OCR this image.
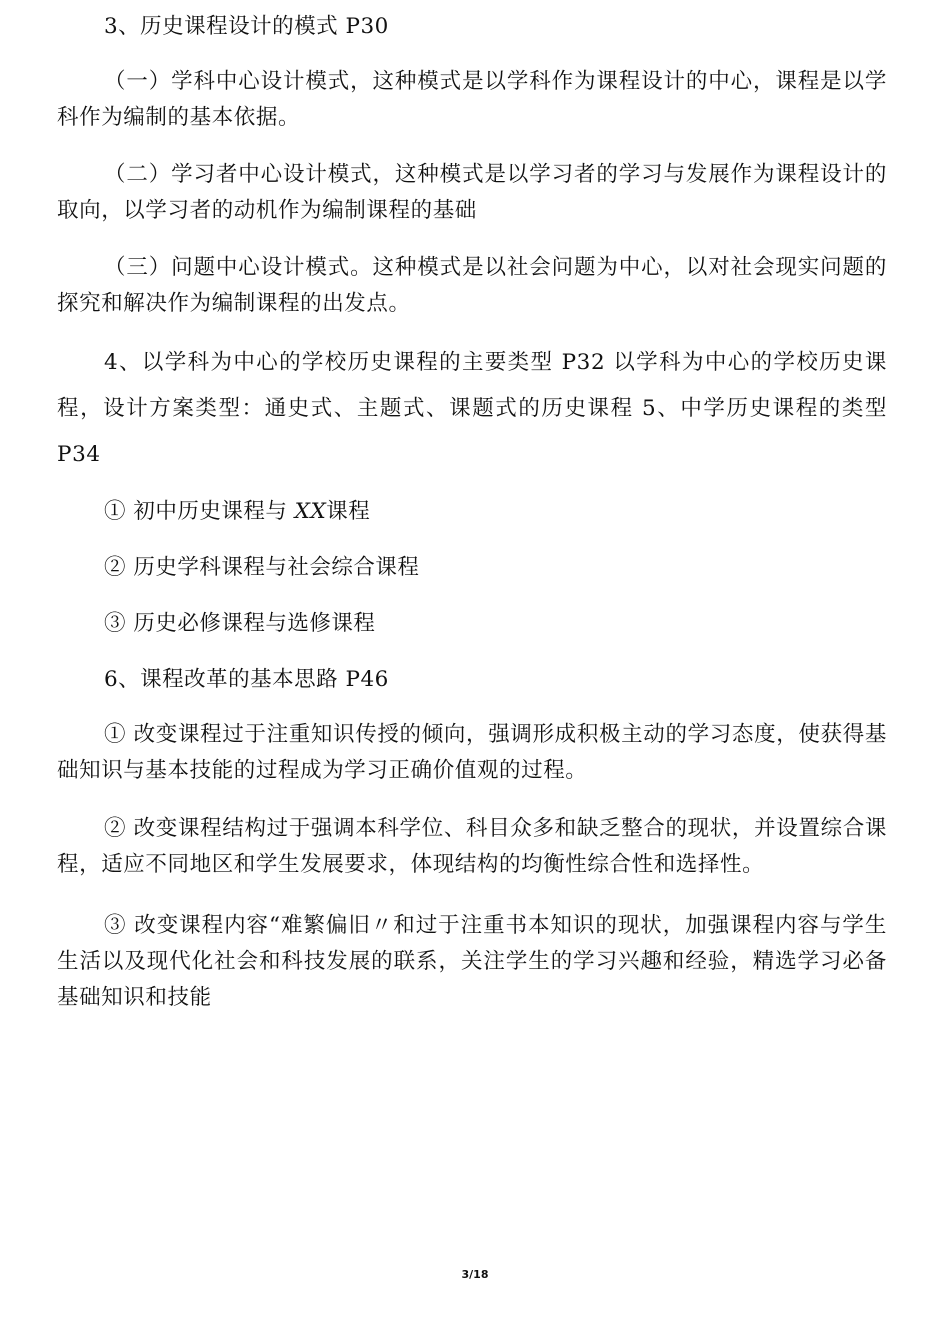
3、历史课程设计的模式 P30
（一）学科中心设计模式，这种模式是以学科作为课程设计的中心，课程是以学科作为编制的基本依据。
（二）学习者中心设计模式，这种模式是以学习者的学习与发展作为课程设计的取向，以学习者的动机作为编制课程的基础
（三）问题中心设计模式。这种模式是以社会问题为中心，以对社会现实问题的探究和解决作为编制课程的出发点。
4、以学科为中心的学校历史课程的主要类型 P32 以学科为中心的学校历史课程，设计方案类型：通史式、主题式、课题式的历史课程 5、中学历史课程的类型 P34
① 初中历史课程与 XX课程
② 历史学科课程与社会综合课程
③ 历史必修课程与选修课程
6、课程改革的基本思路 P46
① 改变课程过于注重知识传授的倾向，强调形成积极主动的学习态度，使获得基础知识与基本技能的过程成为学习正确价值观的过程。
② 改变课程结构过于强调本科学位、科目众多和缺乏整合的现状，并设置综合课程，适应不同地区和学生发展要求，体现结构的均衡性综合性和选择性。
③ 改变课程内容“难繁偏旧〃和过于注重书本知识的现状，加强课程内容与学生生活以及现代化社会和科技发展的联系，关注学生的学习兴趣和经验，精选学习必备基础知识和技能
3/18
